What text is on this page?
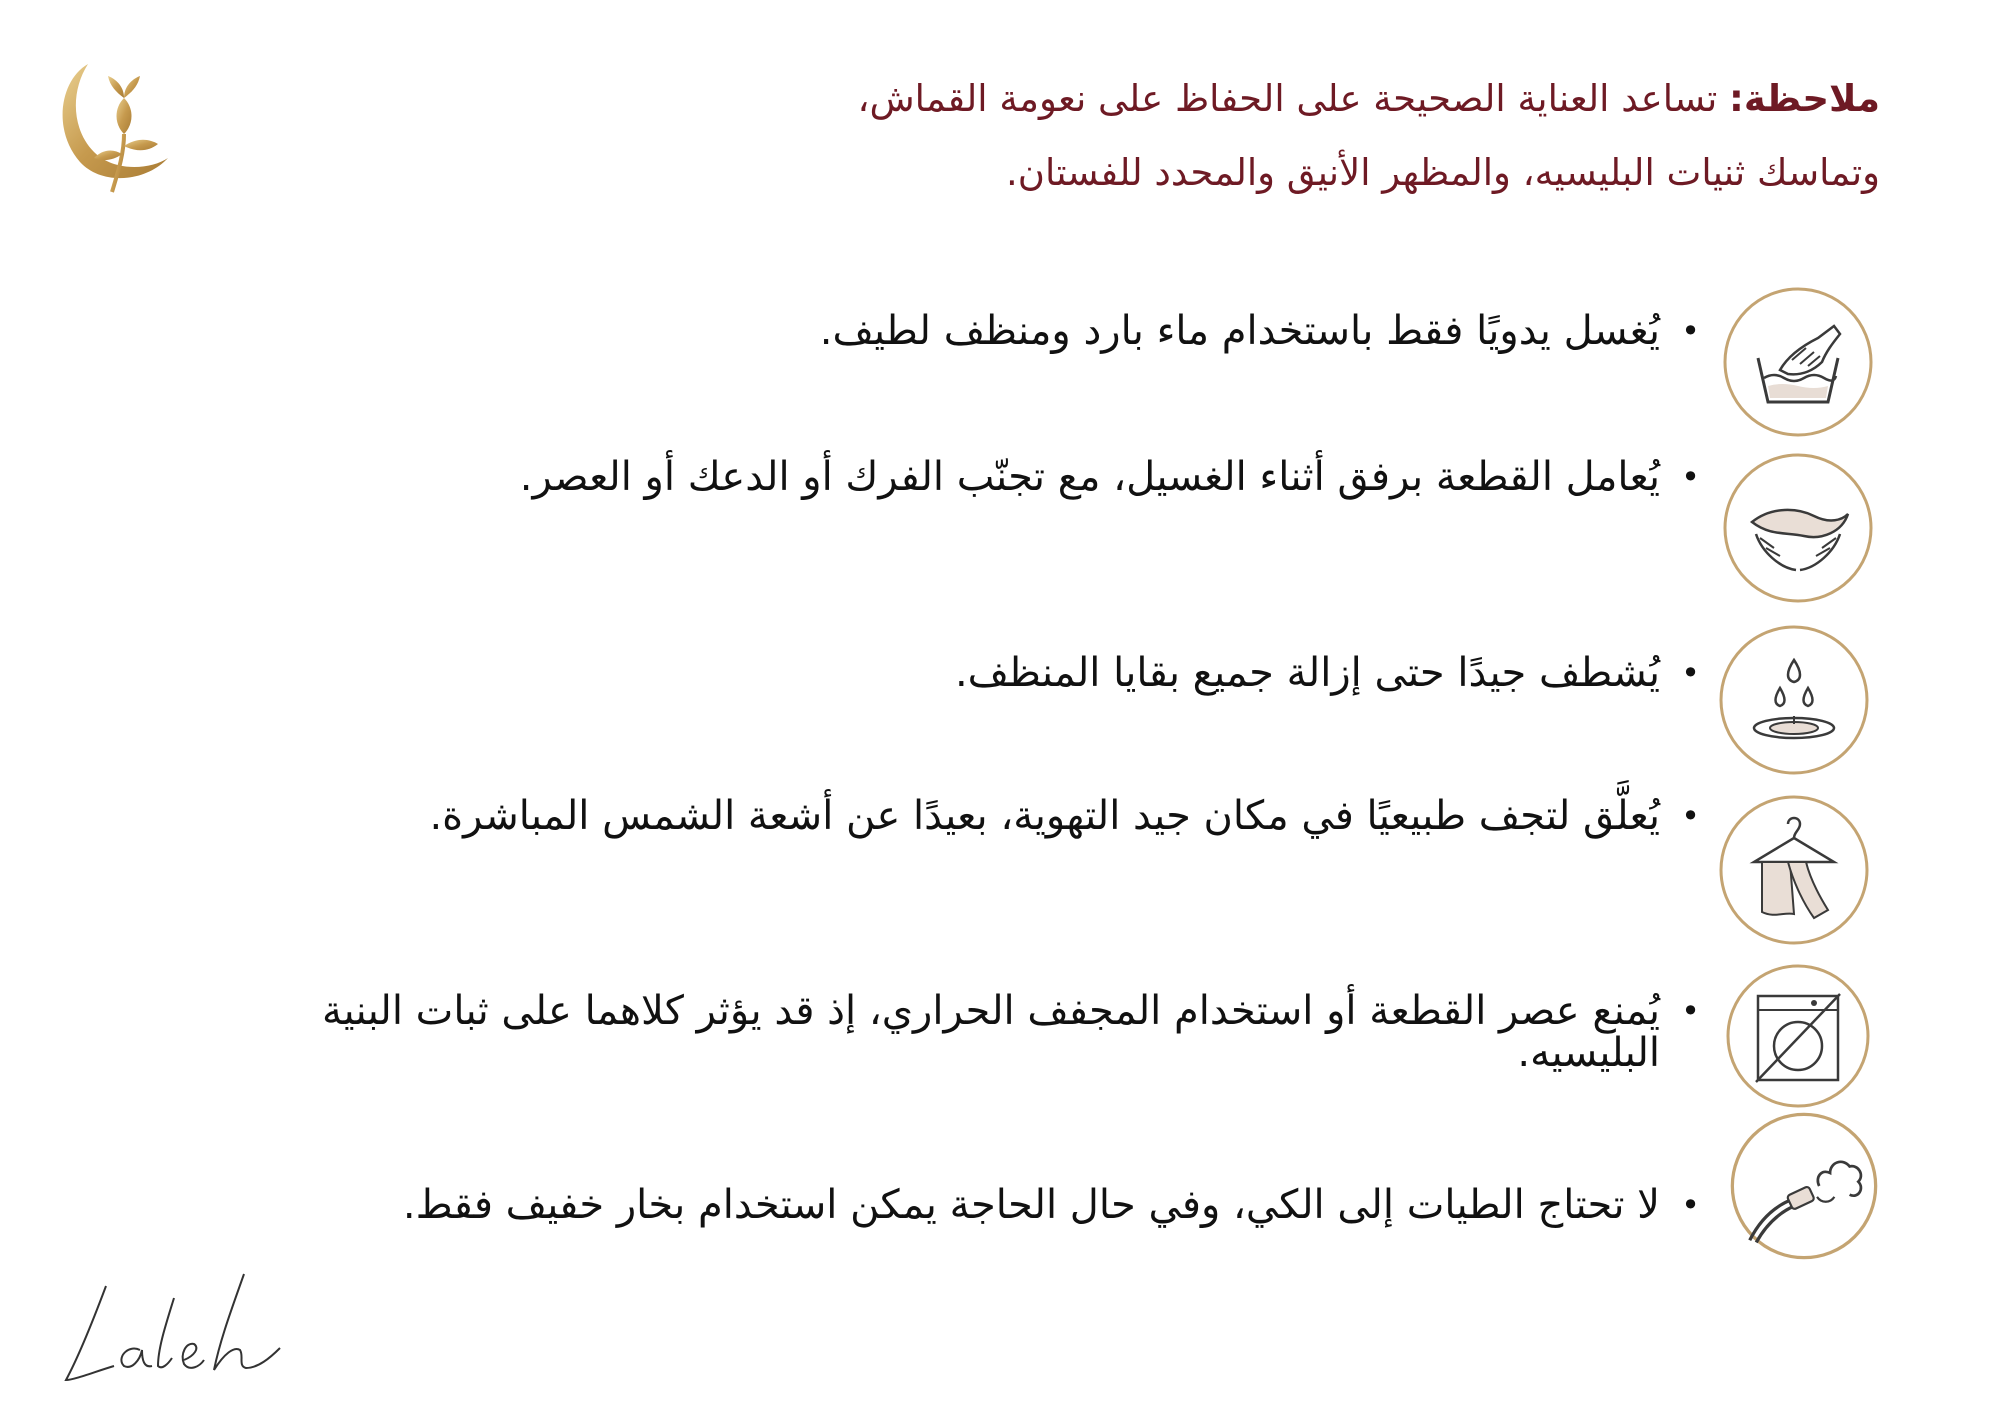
ملاحظة: تساعد العناية الصحيحة على الحفاظ على نعومة القماش،
وتماسك ثنيات البليسيه، والمظهر الأنيق والمحدد للفستان.
•
يُغسل يدويًا فقط باستخدام ماء بارد ومنظف لطيف.
•
يُعامل القطعة برفق أثناء الغسيل، مع تجنّب الفرك أو الدعك أو العصر.
•
يُشطف جيدًا حتى إزالة جميع بقايا المنظف.
•
يُعلَّق لتجف طبيعيًا في مكان جيد التهوية، بعيدًا عن أشعة الشمس المباشرة.
•
يُمنع عصر القطعة أو استخدام المجفف الحراري، إذ قد يؤثر كلاهما على ثبات البنية البليسيه.
•
لا تحتاج الطيات إلى الكي، وفي حال الحاجة يمكن استخدام بخار خفيف فقط.
